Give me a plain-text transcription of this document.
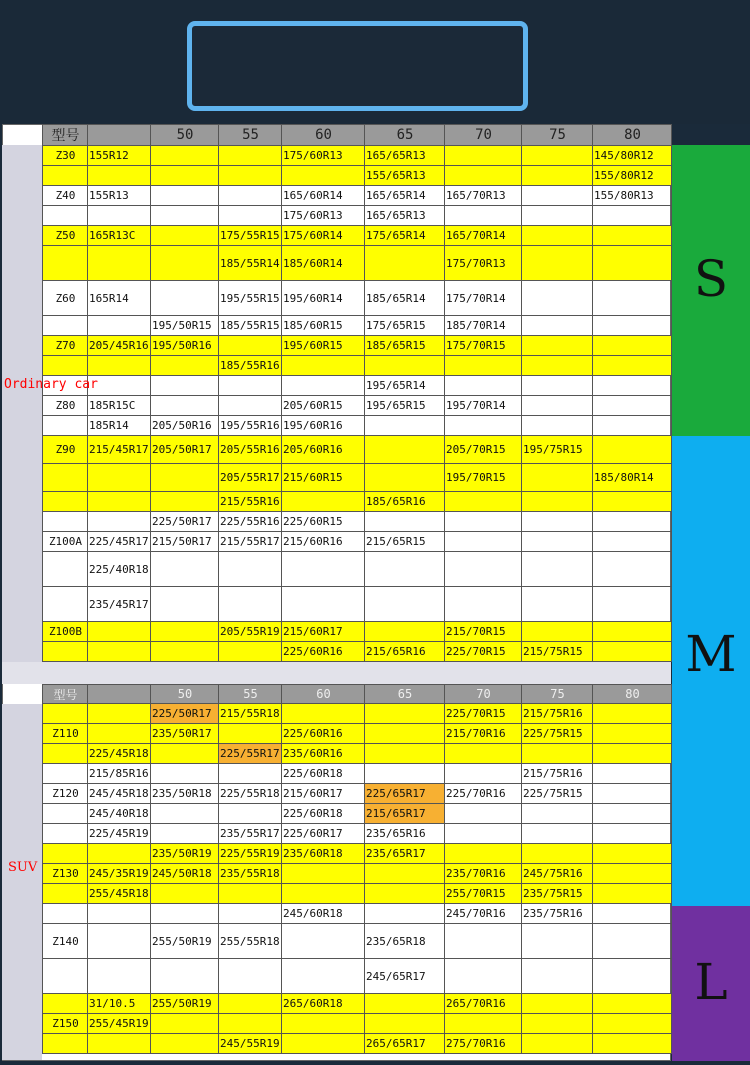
型号		50	55	60	65	70	75	80
Z30	155R12			175/60R13	165/65R13			145/80R12
					155/65R13			155/80R12
Z40	155R13			165/60R14	165/65R14	165/70R13		155/80R13
				175/60R13	165/65R13			
Z50	165R13C		175/55R15	175/60R14	175/65R14	165/70R14		
			185/55R14	185/60R14		175/70R13		
Z60	165R14		195/55R15	195/60R14	185/65R14	175/70R14		
		195/50R15	185/55R15	185/60R15	175/65R15	185/70R14		
Z70	205/45R16	195/50R16		195/60R15	185/65R15	175/70R15		
			185/55R16					
					195/65R14			
Z80	185R15C			205/60R15	195/65R15	195/70R14		
	185R14	205/50R16	195/55R16	195/60R16				
Z90	215/45R17	205/50R17	205/55R16	205/60R16		205/70R15	195/75R15	
			205/55R17	215/60R15		195/70R15		185/80R14
			215/55R16		185/65R16			
		225/50R17	225/55R16	225/60R15				
Z100A	225/45R17	215/50R17	215/55R17	215/60R16	215/65R15			
	225/40R18							
	235/45R17							
Z100B			205/55R19	215/60R17		215/70R15		
				225/60R16	215/65R16	225/70R15	215/75R15	
型号		50	55	60	65	70	75	80
		225/50R17	215/55R18			225/70R15	215/75R16	
Z110		235/50R17		225/60R16		215/70R16	225/75R15	
	225/45R18		225/55R17	235/60R16				
	215/85R16			225/60R18			215/75R16	
Z120	245/45R18	235/50R18	225/55R18	215/60R17	225/65R17	225/70R16	225/75R15	
	245/40R18			225/60R18	215/65R17			
	225/45R19		235/55R17	225/60R17	235/65R16			
		235/50R19	225/55R19	235/60R18	235/65R17			
Z130	245/35R19	245/50R18	235/55R18			235/70R16	245/75R16	
	255/45R18					255/70R15	235/75R15	
				245/60R18		245/70R16	235/75R16	
Z140		255/50R19	255/55R18		235/65R18			
					245/65R17			
	31/10.5	255/50R19		265/60R18		265/70R16		
Z150	255/45R19							
			245/55R19		265/65R17	275/70R16		
Ordinary car
SUV
S
M
L
